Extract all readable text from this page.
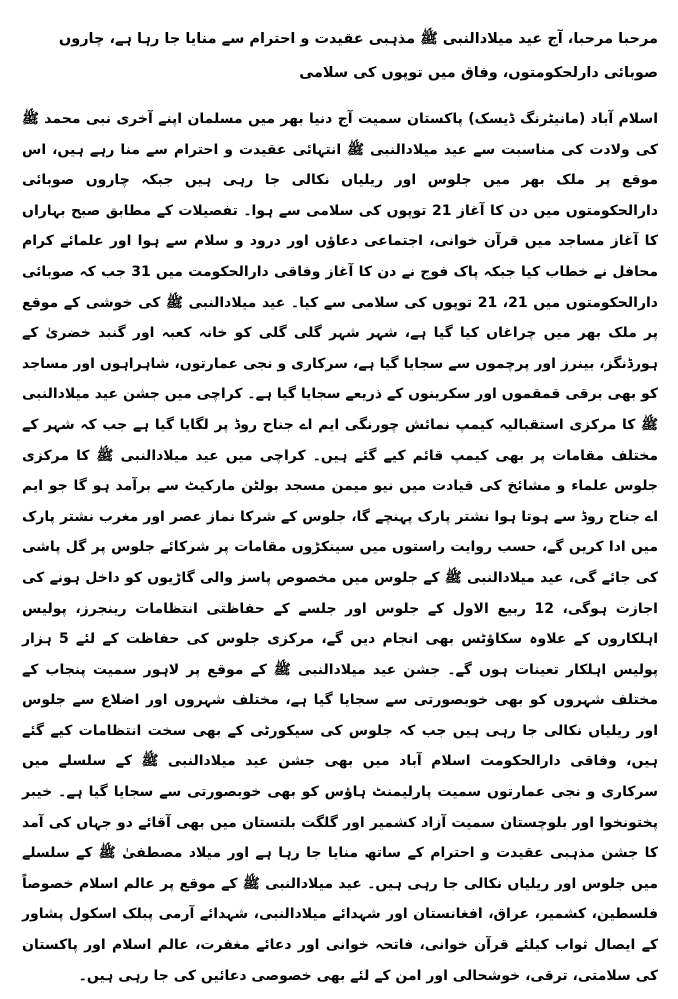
مرحبا مرحبا، آج عید میلادالنبی ﷺ مذہبی عقیدت و احترام سے منایا جا رہا ہے، چاروں صوبائی دارلحکومتوں، وفاق میں توپوں کی سلامی

اسلام آباد (مانیٹرنگ ڈیسک) پاکستان سمیت آج دنیا بھر میں مسلمان اپنے آخری نبی محمد ﷺ کی ولادت کی مناسبت سے عید میلادالنبی ﷺ انتہائی عقیدت و احترام سے منا رہے ہیں، اس موقع پر ملک بھر میں جلوس اور ریلیاں نکالی جا رہی ہیں جبکہ چاروں صوبائی دارالحکومتوں میں دن کا آغاز 21 توپوں کی سلامی سے ہوا۔ تفصیلات کے مطابق صبح بہاراں کا آغاز مساجد میں قرآن خوانی، اجتماعی دعاؤں اور درود و سلام سے ہوا اور علمائے کرام محافل نے خطاب کیا جبکہ پاک فوج نے دن کا آغاز وفاقی دارالحکومت میں 31 جب کہ صوبائی دارالحکومتوں میں 21، 21 توپوں کی سلامی سے کیا۔ عید میلادالنبی ﷺ کی خوشی کے موقع پر ملک بھر میں چراغاں کیا گیا ہے، شہر شہر گلی گلی کو خانہ کعبہ اور گنبد خضریٰ کے ہورڈنگز، بینرز اور پرچموں سے سجایا گیا ہے، سرکاری و نجی عمارتوں، شاہراہوں اور مساجد کو بھی برقی قمقموں اور سکرینوں کے ذریعے سجایا گیا ہے۔ کراچی میں جشن عید میلادالنبی ﷺ کا مرکزی استقبالیہ کیمپ نمائش چورنگی ایم اے جناح روڈ پر لگایا گیا ہے جب کہ شہر کے مختلف مقامات پر بھی کیمپ قائم کیے گئے ہیں۔ کراچی میں عید میلادالنبی ﷺ کا مرکزی جلوس علماء و مشائخ کی قیادت میں نیو میمن مسجد بولٹن مارکیٹ سے برآمد ہو گا جو ایم اے جناح روڈ سے ہوتا ہوا نشتر پارک پہنچے گا، جلوس کے شرکا نماز عصر اور مغرب نشتر پارک میں ادا کریں گے، حسب روایت راستوں میں سینکڑوں مقامات پر شرکائے جلوس پر گل پاشی کی جائے گی، عید میلادالنبی ﷺ کے جلوس میں مخصوص پاسز والی گاڑیوں کو داخل ہونے کی اجازت ہوگی، 12 ربیع الاول کے جلوس اور جلسے کے حفاظتی انتظامات رینجرز، پولیس اہلکاروں کے علاوہ سکاؤٹس بھی انجام دیں گے، مرکزی جلوس کی حفاظت کے لئے 5 ہزار پولیس اہلکار تعینات ہوں گے۔ جشن عید میلادالنبی ﷺ کے موقع پر لاہور سمیت پنجاب کے مختلف شہروں کو بھی خوبصورتی سے سجایا گیا ہے، مختلف شہروں اور اضلاع سے جلوس اور ریلیاں نکالی جا رہی ہیں جب کہ جلوس کی سیکورٹی کے بھی سخت انتظامات کیے گئے ہیں، وفاقی دارالحکومت اسلام آباد میں بھی جشن عید میلادالنبی ﷺ کے سلسلے میں سرکاری و نجی عمارتوں سمیت پارلیمنٹ ہاؤس کو بھی خوبصورتی سے سجایا گیا ہے۔ خیبر پختونخوا اور بلوچستان سمیت آزاد کشمیر اور گلگت بلتستان میں بھی آقائے دو جہاں کی آمد کا جشن مذہبی عقیدت و احترام کے ساتھ منایا جا رہا ہے اور میلاد مصطفیٰ ﷺ کے سلسلے میں جلوس اور ریلیاں نکالی جا رہی ہیں۔ عید میلادالنبی ﷺ کے موقع پر عالم اسلام خصوصاً فلسطین، کشمیر، عراق، افغانستان اور شہدائے میلادالنبی، شہدائے آرمی پبلک اسکول پشاور کے ایصال ثواب کیلئے قرآن خوانی، فاتحہ خوانی اور دعائے مغفرت، عالم اسلام اور پاکستان کی سلامتی، ترقی، خوشحالی اور امن کے لئے بھی خصوصی دعائیں کی جا رہی ہیں۔
